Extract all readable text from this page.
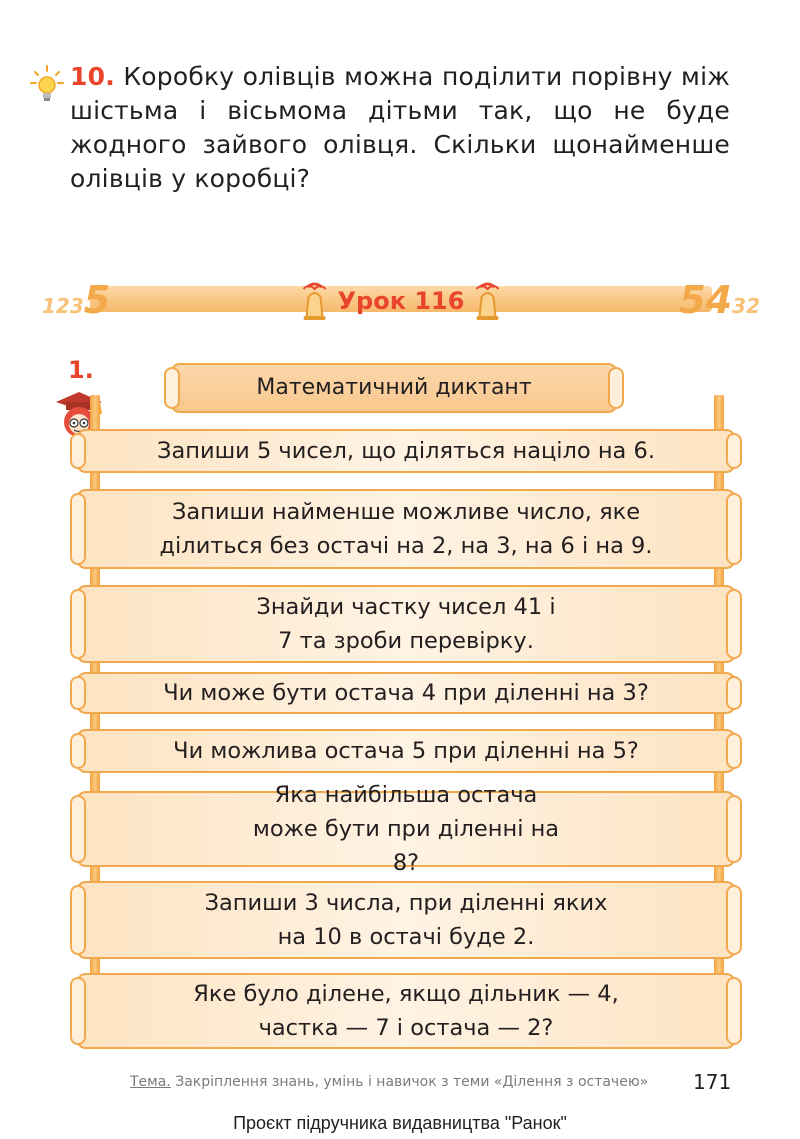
10. Коробку олівців можна поділити порівну між шістьма і вісьмома дітьми так, що не буде жодного зайвого олівця. Скільки щонайменше олівців у коробці?
1235	5432
Урок 116
1.
Математичний диктант
Запиши 5 чисел, що діляться націло на 6.
Запиши найменше можливе число, яке ділиться без остачі на 2, на 3, на 6 і на 9.
Знайди частку чисел 41 і 7 та зроби перевірку.
Чи може бути остача 4 при діленні на 3?
Чи можлива остача 5 при діленні на 5?
Яка найбільша остача може бути при діленні на 8?
Запиши 3 числа, при діленні яких на 10 в остачі буде 2.
Яке було ділене, якщо дільник — 4, частка — 7 і остача — 2?
Тема. Закріплення знань, умінь і навичок з теми «Ділення з остачею» 171
Проєкт підручника видавництва "Ранок"
